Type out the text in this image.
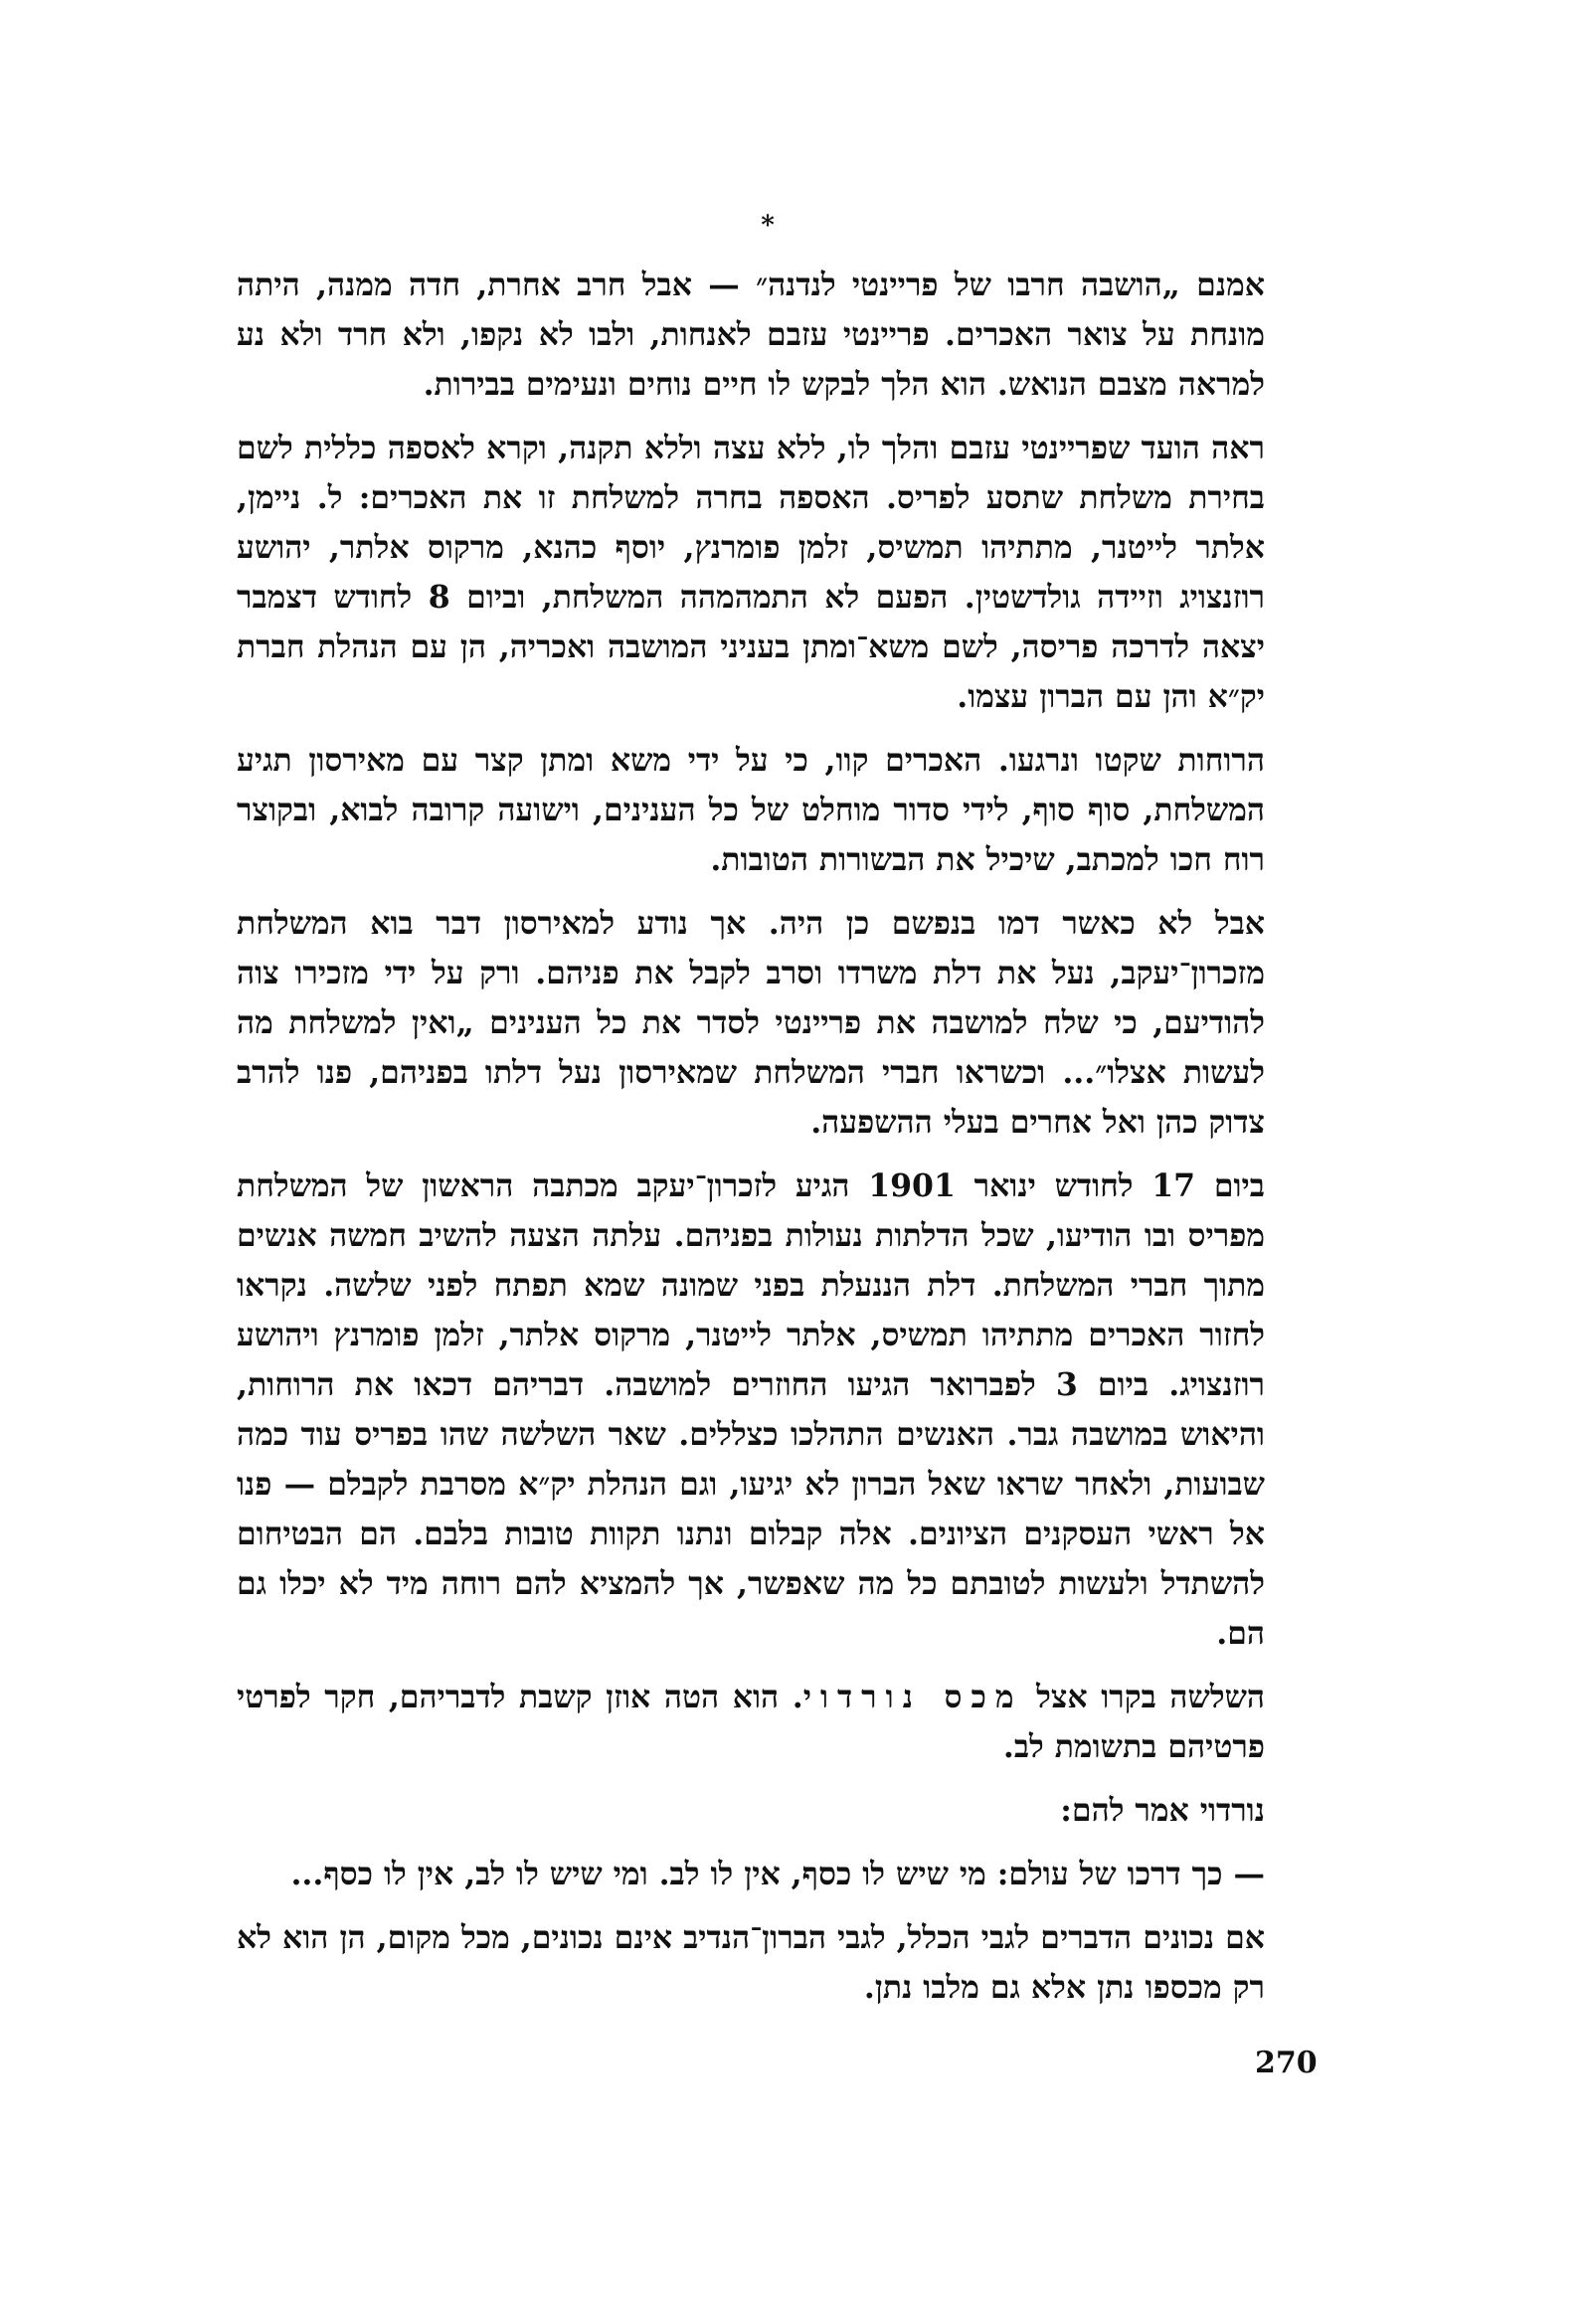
*

אמנם „הושבה חרבו של פריינטי לנדנה״ — אבל חרב אחרת, חדה ממנה, היתה מונחת על צואר האכרים. פריינטי עזבם לאנחות, ולבו לא נקפו, ולא חרד ולא נע למראה מצבם הנואש. הוא הלך לבקש לו חיים נוחים ונעימים בבירות.

ראה הועד שפריינטי עזבם והלך לו, ללא עצה וללא תקנה, וקרא לאספה כללית לשם בחירת משלחת שתסע לפריס. האספה בחרה למשלחת זו את האכרים: ל. ניימן, אלתר לייטנר, מתתיהו תמשיס, זלמן פומרנץ, יוסף כהנא, מרקוס אלתר, יהושע רוזנצויג וזיידה גולדשטין. הפעם לא התמהמהה המשלחת, וביום 8 לחודש דצמבר יצאה לדרכה פריסה, לשם משא־ומתן בעניני המושבה ואכריה, הן עם הנהלת חברת יק״א והן עם הברון עצמו.

הרוחות שקטו ונרגעו. האכרים קוו, כי על ידי משא ומתן קצר עם מאירסון תגיע המשלחת, סוף סוף, לידי סדור מוחלט של כל הענינים, וישועה קרובה לבוא, ובקוצר רוח חכו למכתב, שיכיל את הבשורות הטובות.

אבל לא כאשר דמו בנפשם כן היה. אך נודע למאירסון דבר בוא המשלחת מזכרון־יעקב, נעל את דלת משרדו וסרב לקבל את פניהם. ורק על ידי מזכירו צוה להודיעם, כי שלח למושבה את פריינטי לסדר את כל הענינים „ואין למשלחת מה לעשות אצלו״... וכשראו חברי המשלחת שמאירסון נעל דלתו בפניהם, פנו להרב צדוק כהן ואל אחרים בעלי ההשפעה.

ביום 17 לחודש ינואר 1901 הגיע לזכרון־יעקב מכתבה הראשון של המשלחת מפריס ובו הודיעו, שכל הדלתות נעולות בפניהם. עלתה הצעה להשיב חמשה אנשים מתוך חברי המשלחת. דלת הננעלת בפני שמונה שמא תפתח לפני שלשה. נקראו לחזור האכרים מתתיהו תמשיס, אלתר לייטנר, מרקוס אלתר, זלמן פומרנץ ויהושע רוזנצויג. ביום 3 לפברואר הגיעו החוזרים למושבה. דבריהם דכאו את הרוחות, והיאוש במושבה גבר. האנשים התהלכו כצללים. שאר השלשה שהו בפריס עוד כמה שבועות, ולאחר שראו שאל הברון לא יגיעו, וגם הנהלת יק״א מסרבת לקבלם — פנו אל ראשי העסקנים הציונים. אלה קבלום ונתנו תקוות טובות בלבם. הם הבטיחום להשתדל ולעשות לטובתם כל מה שאפשר, אך להמציא להם רוחה מיד לא יכלו גם הם.

השלשה בקרו אצל מכס נורדוי. הוא הטה אוזן קשבת לדבריהם, חקר לפרטי פרטיהם בתשומת לב.

נורדוי אמר להם:

— כך דרכו של עולם: מי שיש לו כסף, אין לו לב. ומי שיש לו לב, אין לו כסף...

אם נכונים הדברים לגבי הכלל, לגבי הברון־הנדיב אינם נכונים, מכל מקום, הן הוא לא רק מכספו נתן אלא גם מלבו נתן.

270
